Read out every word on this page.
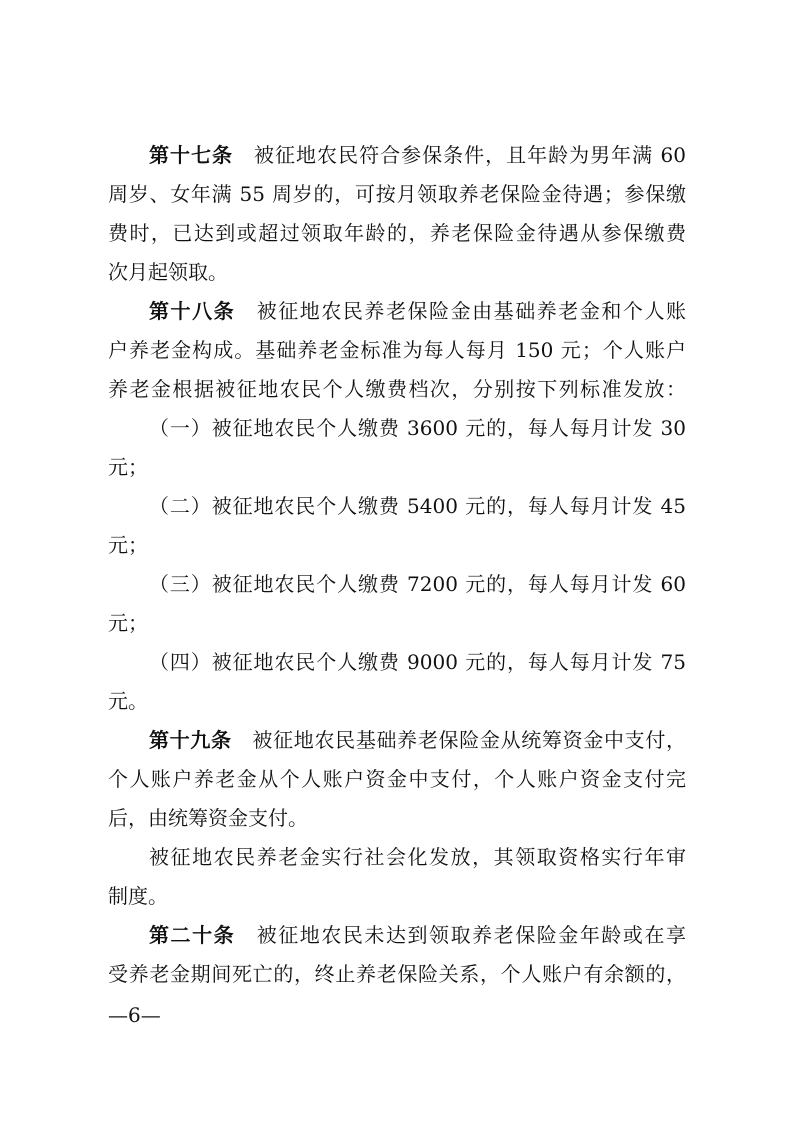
第十七条 被征地农民符合参保条件，且年龄为男年满 60
周岁、女年满 55 周岁的，可按月领取养老保险金待遇；参保缴
费时，已达到或超过领取年龄的，养老保险金待遇从参保缴费
次月起领取。
第十八条 被征地农民养老保险金由基础养老金和个人账
户养老金构成。基础养老金标准为每人每月 150 元；个人账户
养老金根据被征地农民个人缴费档次，分别按下列标准发放：
（一）被征地农民个人缴费 3600 元的，每人每月计发 30
元；
（二）被征地农民个人缴费 5400 元的，每人每月计发 45
元；
（三）被征地农民个人缴费 7200 元的，每人每月计发 60
元；
（四）被征地农民个人缴费 9000 元的，每人每月计发 75
元。
第十九条 被征地农民基础养老保险金从统筹资金中支付，
个人账户养老金从个人账户资金中支付，个人账户资金支付完
后，由统筹资金支付。
被征地农民养老金实行社会化发放，其领取资格实行年审
制度。
第二十条 被征地农民未达到领取养老保险金年龄或在享
受养老金期间死亡的，终止养老保险关系，个人账户有余额的，
—6—
